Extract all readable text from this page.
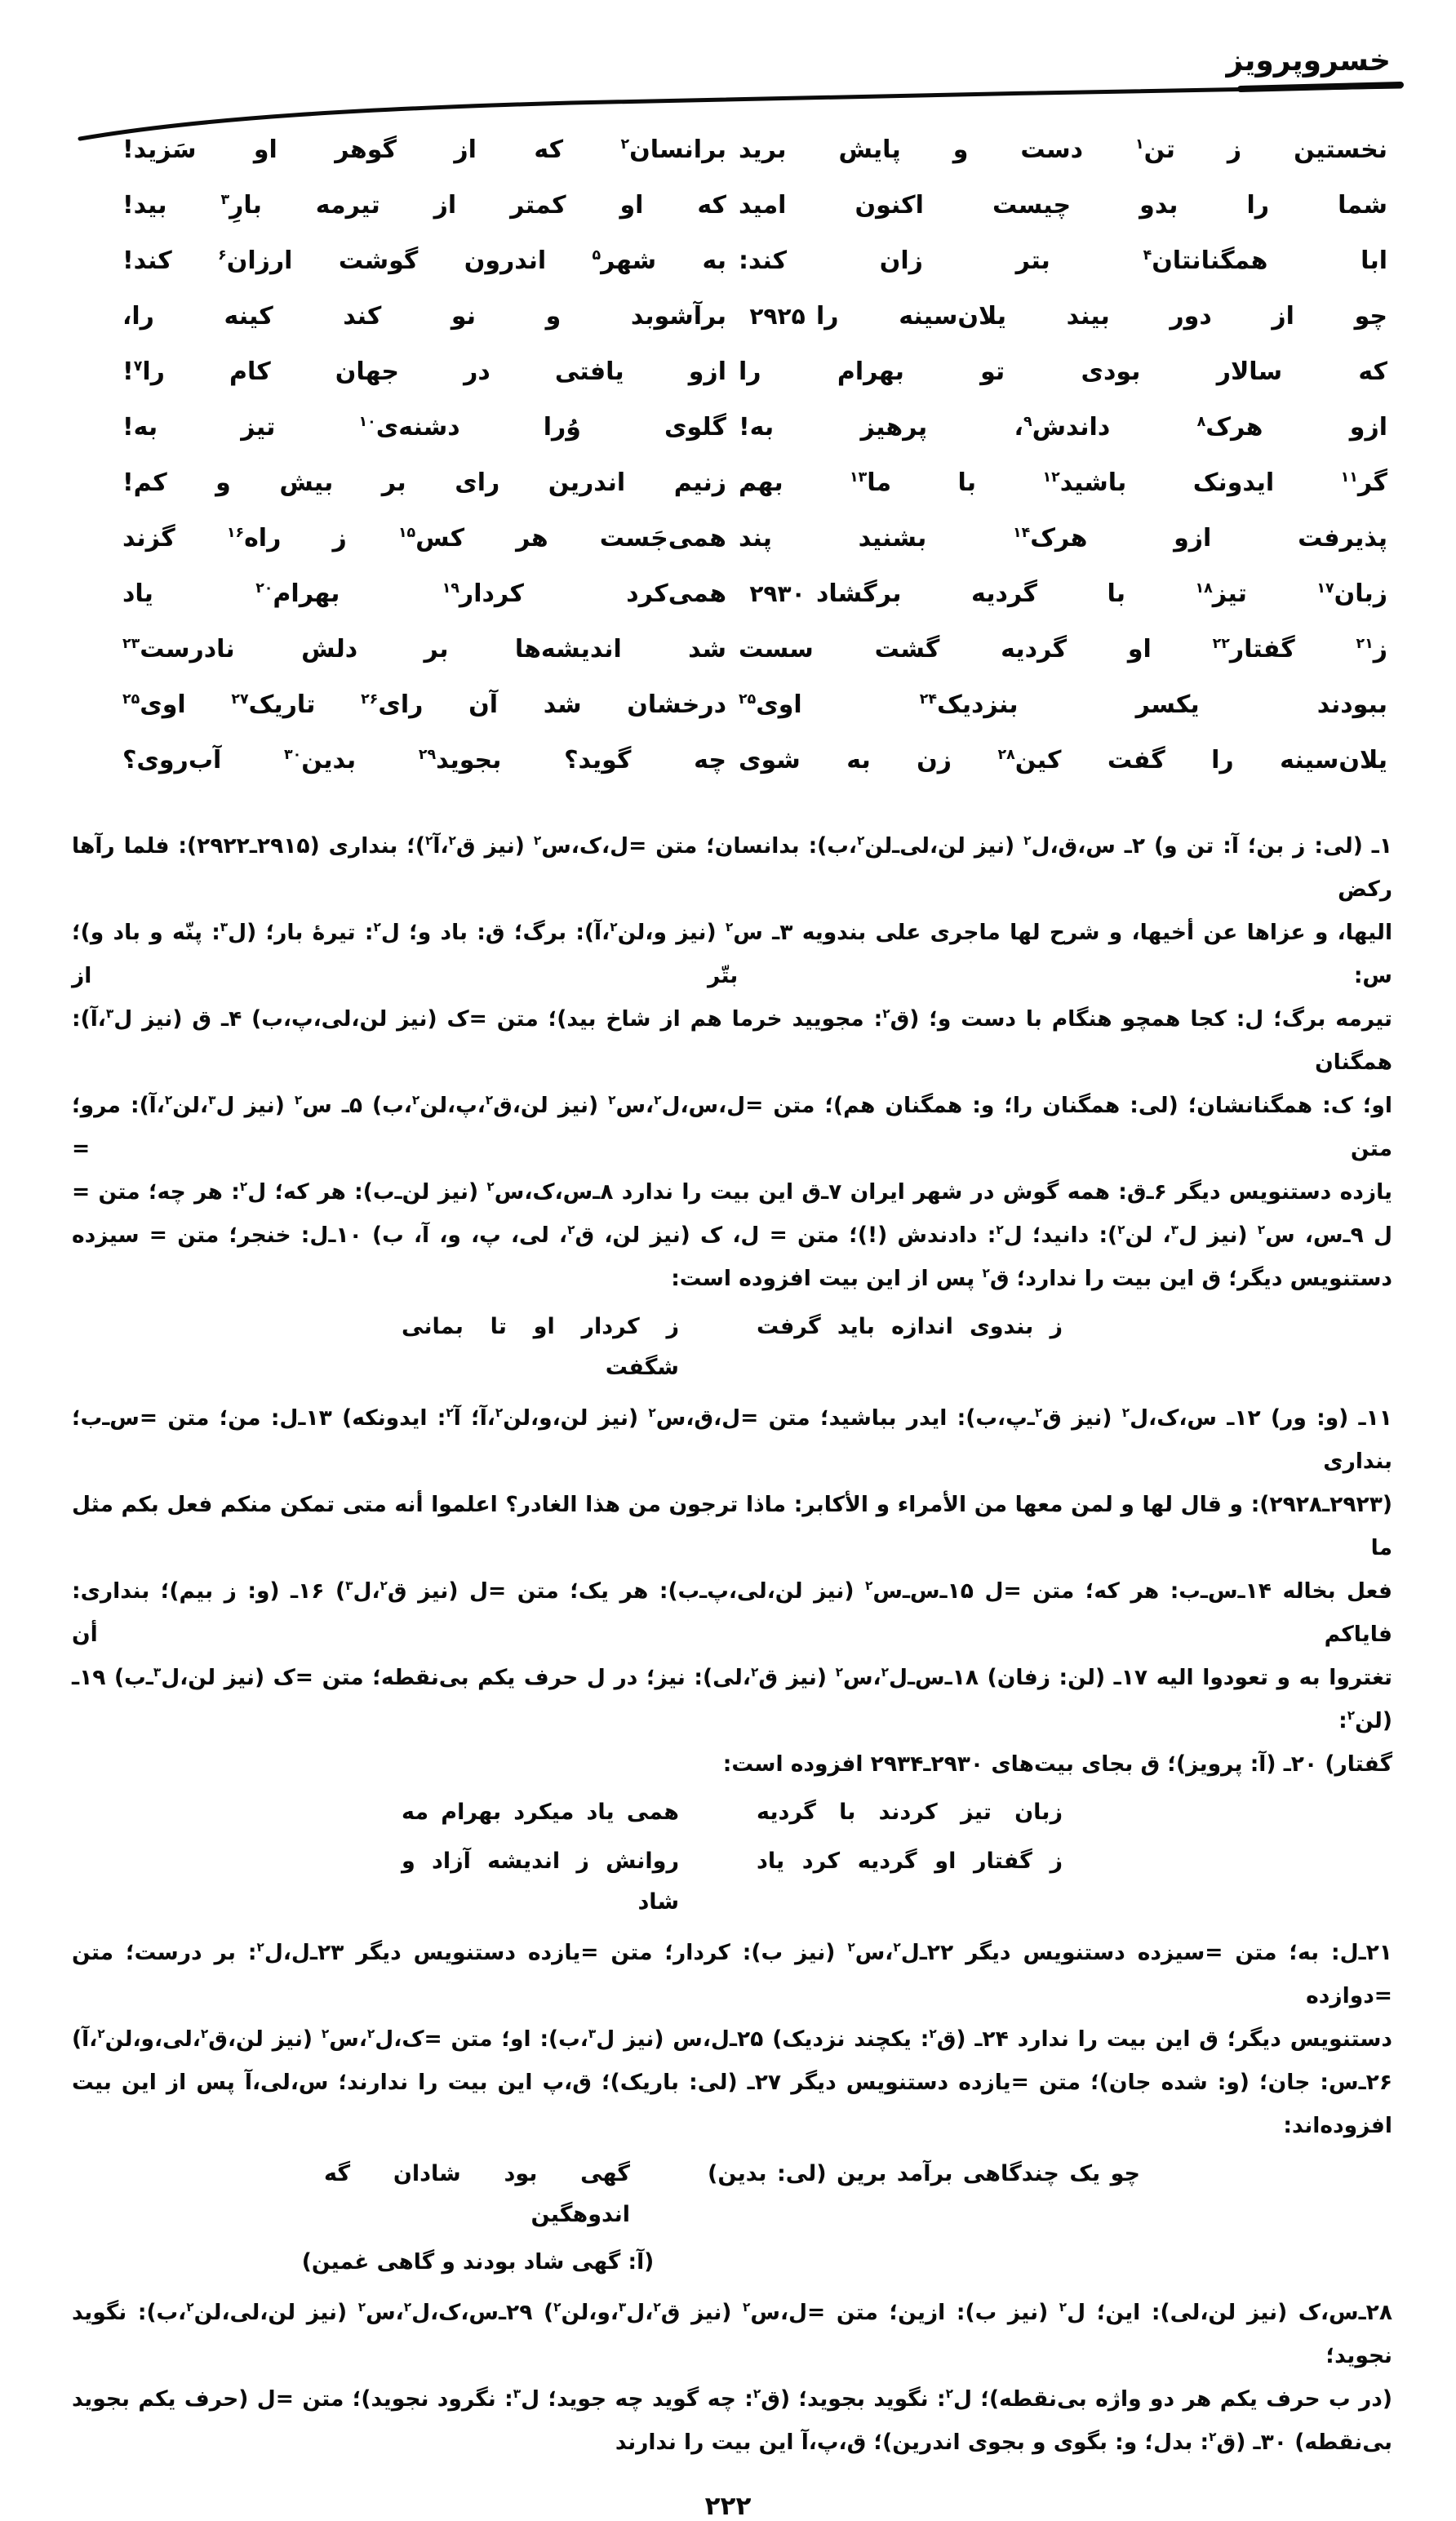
خسروپرویز
نخستین ز تن$^۱$ دست و پایش برید
برانسان$^۲$ که از گوهر او سَزید!
شما را بدو چیست اکنون امید
که او کمتر از تیرمه بارِ$^۳$ بید!
ابا همگنانتان$^۴$ بتر زان کند:
به شهر$^۵$ اندرون گوشت ارزان$^۶$ کند!
چو از دور بیند یلان‌سینه را
۲۹۲۵
برآشوبد و نو کند کینه را،
که سالار بودی تو بهرام را
ازو یافتی در جهان کام را$^۷$!
ازو هرک$^۸$ داندش$^۹$، پرهیز به!
گلوی وُرا دشنه‌ی$^{۱۰}$ تیز به!
گر$^{۱۱}$ ایدونک باشید$^{۱۲}$ با ما$^{۱۳}$ بهم
زنیم اندرین رای بر بیش و کم!
پذیرفت ازو هرک$^{۱۴}$ بشنید پند
همی‌جَست هر کس$^{۱۵}$ ز راه$^{۱۶}$ گزند
زبان$^{۱۷}$ تیز$^{۱۸}$ با گردیه برگشاد
۲۹۳۰
همی‌کرد کردار$^{۱۹}$ بهرام$^{۲۰}$ یاد
ز$^{۲۱}$ گفتار$^{۲۲}$ او گردیه گشت سست
شد اندیشه‌ها بر دلش نادرست$^{۲۳}$
ببودند یکسر بنزدیک$^{۲۴}$ اوی$^{۲۵}$
درخشان شد آن رای$^{۲۶}$ تاریک$^{۲۷}$ اوی$^{۲۵}$
یلان‌سینه را گفت کین$^{۲۸}$ زن به شوی
چه گوید؟ بجوید$^{۲۹}$ بدین$^{۳۰}$ آب‌روی؟
۱ـ (لی: ز بن؛ آ: تن و) ۲ـ س،ق،ل$^۲$ (نیز لن،لی‌ـ‌لن$^۲$،ب): بدانسان؛ متن =ل،ک،س$^۲$ (نیز ق$^۲$،آ$^۲$)؛ بنداری (۲۹۱۵ـ۲۹۲۲): فلما رآها رکض
الیها، و عزاها عن أخیها، و شرح لها ماجری علی بندویه ۳ـ س$^۲$ (نیز و،لن$^۲$،آ): برگ؛ ق: باد و؛ ل$^۲$: تیرهٔ بار؛ (ل$^۳$: پنّه و باد و)؛ س: بتّر از
تیرمه برگ؛ ل: کجا همچو هنگام با دست و؛ (ق$^۲$: مجویید خرما هم از شاخ بید)؛ متن =ک (نیز لن،لی،پ،ب) ۴ـ ق (نیز ل$^۳$،آ): همگنان
او؛ ک: همگنانشان؛ (لی: همگنان را؛ و: همگنان هم)؛ متن =ل،س،ل$^۲$،س$^۲$ (نیز لن،ق$^۲$،پ،لن$^۲$،ب) ۵ـ س$^۲$ (نیز ل$^۳$،لن$^۲$،آ): مرو؛ متن =
یازده دستنویس دیگر ۶ـ‌ق: همه گوش در شهر ایران ۷ـ‌ق این بیت را ندارد ۸ـ‌س،ک،س$^۲$ (نیز لن‌ـ‌ب): هر که؛ ل$^۲$: هر چه؛ متن =
ل ۹ـ‌س، س$^۲$ (نیز ل$^۳$، لن$^۲$): دانید؛ ل$^۲$: دادندش (!)؛ متن = ل، ک (نیز لن، ق$^۲$، لی، پ، و، آ، ب) ۱۰ـ‌ل: خنجر؛ متن = سیزده
دستنویس دیگر؛ ق این بیت را ندارد؛ ق$^۲$ پس از این بیت افزوده است:
ز بندوی اندازه باید گرفت
ز کردار او تا بمانی شگفت
۱۱ـ (و: ور) ۱۲ـ س،ک،ل$^۲$ (نیز ق$^۲$‌ـ‌پ،ب): ایدر بباشید؛ متن =ل،ق،س$^۲$ (نیز لن،و،لن$^۲$،آ؛ آ$^۲$: ایدونکه) ۱۳ـ‌ل: من؛ متن =س‌ـ‌ب؛ بنداری
(۲۹۲۳ـ۲۹۲۸): و قال لها و لمن معها من الأمراء و الأکابر: ماذا ترجون من هذا الغادر؟ اعلموا أنه متی تمکن منکم فعل بکم مثل ما
فعل بخاله ۱۴ـ‌س‌ـ‌ب: هر که؛ متن =ل ۱۵ـ‌س‌ـ‌س$^۲$ (نیز لن،لی،پ‌ـ‌ب): هر یک؛ متن =ل (نیز ق$^۲$،ل$^۳$) ۱۶ـ (و: ز بیم)؛ بنداری: فایاکم أن
تغتروا به و تعودوا الیه ۱۷ـ (لن: زفان) ۱۸ـ‌س‌ـ‌ل$^۲$،س$^۲$ (نیز ق$^۲$،لی): نیز؛ در ل حرف یکم بی‌نقطه؛ متن =ک (نیز لن،ل$^۳$‌ـ‌ب) ۱۹ـ (لن$^۲$:
گفتار) ۲۰ـ (آ: پرویز)؛ ق بجای بیت‌های ۲۹۳۰ـ۲۹۳۴ افزوده است:
زبان تیز کردند با گردیه
همی یاد میکرد بهرام مه
ز گفتار او گردیه کرد یاد
روانش ز اندیشه آزاد و شاد
۲۱ـ‌ل: به؛ متن =سیزده دستنویس دیگر ۲۲ـ‌ل$^۲$،س$^۲$ (نیز ب): کردار؛ متن =یازده دستنویس دیگر ۲۳ـ‌ل،ل$^۲$: بر درست؛ متن =دوازده
دستنویس دیگر؛ ق این بیت را ندارد ۲۴ـ (ق$^۲$: یکچند نزدیک) ۲۵ـ‌ل،س (نیز ل$^۳$،ب): او؛ متن =ک،ل$^۲$،س$^۲$ (نیز لن،ق$^۲$،لی،و،لن$^۲$،آ)
۲۶ـ‌س: جان؛ (و: شده جان)؛ متن =یازده دستنویس دیگر ۲۷ـ (لی: باریک)؛ ق،پ این بیت را ندارند؛ س،لی،آ پس از این بیت افزوده‌اند:
چو یک چندگاهی برآمد برین (لی: بدین)
گهی بود شادان گه اندوهگین
(آ: گهی شاد بودند و گاهی غمین)
۲۸ـ‌س،ک (نیز لن،لی): این؛ ل$^۲$ (نیز ب): ازین؛ متن =ل،س$^۲$ (نیز ق$^۲$،ل$^۳$،و،لن$^۲$) ۲۹ـ‌س،ک،ل$^۲$،س$^۲$ (نیز لن،لی،لن$^۲$،ب): نگوید نجوید؛
(در ب حرف یکم هر دو واژه بی‌نقطه)؛ ل$^۲$: نگوید بجوید؛ (ق$^۲$: چه گوید چه جوید؛ ل$^۳$: نگرود نجوید)؛ متن =ل (حرف یکم بجوید
بی‌نقطه) ۳۰ـ (ق$^۲$: بدل؛ و: بگوی و بجوی اندرین)؛ ق،پ،آ این بیت را ندارند
۲۲۲
